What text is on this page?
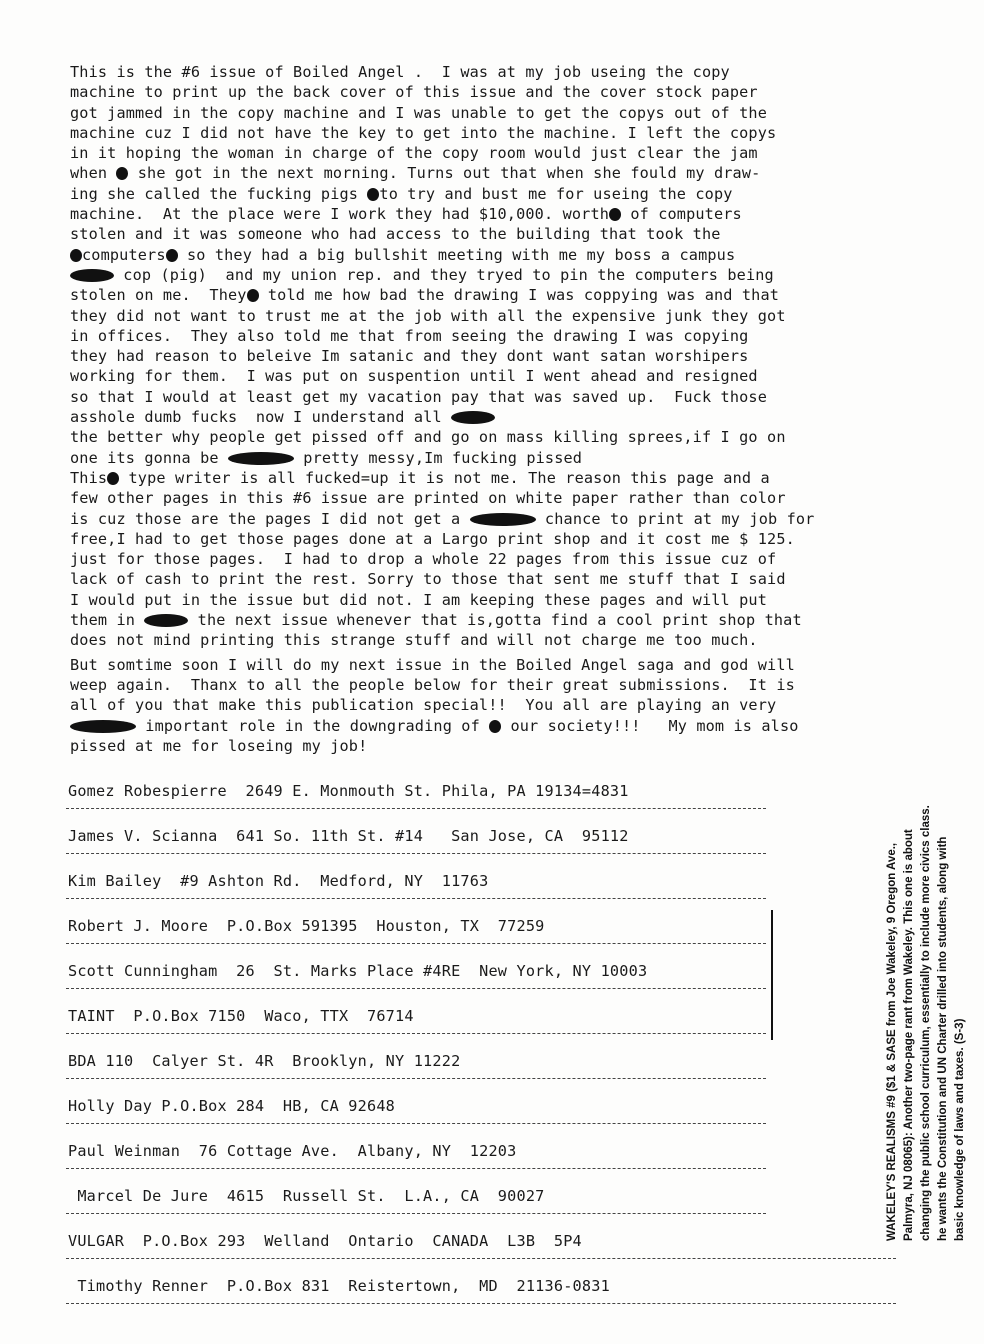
This is the #6 issue of Boiled Angel .  I was at my job useing the copy
machine to print up the back cover of this issue and the cover stock paper
got jammed in the copy machine and I was unable to get the copys out of the
machine cuz I did not have the key to get into the machine. I left the copys
in it hoping the woman in charge of the copy room would just clear the jam
when  she got in the next morning. Turns out that when she fould my draw-
ing she called the fucking pigs to try and bust me for useing the copy
machine.  At the place were I work they had $10,000. worth of computers
stolen and it was someone who had access to the building that took the
computers so they had a big bullshit meeting with me my boss a campus
cop (pig)  and my union rep. and they tryed to pin the computers being
stolen on me.  They told me how bad the drawing I was coppying was and that
they did not want to trust me at the job with all the expensive junk they got
in offices.  They also told me that from seeing the drawing I was copying
they had reason to beleive Im satanic and they dont want satan worshipers
working for them.  I was put on suspention until I went ahead and resigned
so that I would at least get my vacation pay that was saved up.  Fuck those
asshole dumb fucks  now I understand all
the better why people get pissed off and go on mass killing sprees,if I go on
one its gonna be	pretty messy,Im fucking pissed
This type writer is all fucked=up it is not me. The reason this page and a
few other pages in this #6 issue are printed on white paper rather than color
is cuz those are the pages I did not get a	chance to print at my job for
free,I had to get those pages done at a Largo print shop and it cost me $ 125.
just for those pages.  I had to drop a whole 22 pages from this issue cuz of
lack of cash to print the rest. Sorry to those that sent me stuff that I said
I would put in the issue but did not. I am keeping these pages and will put
them in	the next issue whenever that is,gotta find a cool print shop that
does not mind printing this strange stuff and will not charge me too much.
But somtime soon I will do my next issue in the Boiled Angel saga and god will
weep again.  Thanx to all the people below for their great submissions.  It is
all of you that make this publication special!!  You all are playing an very
important role in the downgrading of  our society!!!   My mom is also
pissed at me for loseing my job!
Gomez Robespierre  2649 E. Monmouth St. Phila, PA 19134=4831
James V. Scianna  641 So. 11th St. #14   San Jose, CA  95112
Kim Bailey  #9 Ashton Rd.  Medford, NY  11763
Robert J. Moore  P.O.Box 591395  Houston, TX  77259
Scott Cunningham  26  St. Marks Place #4RE  New York, NY 10003
TAINT  P.O.Box 7150  Waco, TTX  76714
BDA 110  Calyer St. 4R  Brooklyn, NY 11222
Holly Day P.O.Box 284  HB, CA 92648
Paul Weinman  76 Cottage Ave.  Albany, NY  12203
Marcel De Jure  4615  Russell St.  L.A., CA  90027
VULGAR  P.O.Box 293  Welland  Ontario  CANADA  L3B  5P4
Timothy Renner  P.O.Box 831  Reistertown,  MD  21136-0831
WAKELEY'S REALISMS #9 ($1 & SASE from Joe Wakeley, 9 Oregon Ave., Palmyra, NJ 08065): Another two-page rant from Wakeley. This one is about changing the public school curriculum, essentially to include more civics class. he wants the Constitution and UN Charter drilled into students, along with basic knowledge of laws and taxes. (S-3)
